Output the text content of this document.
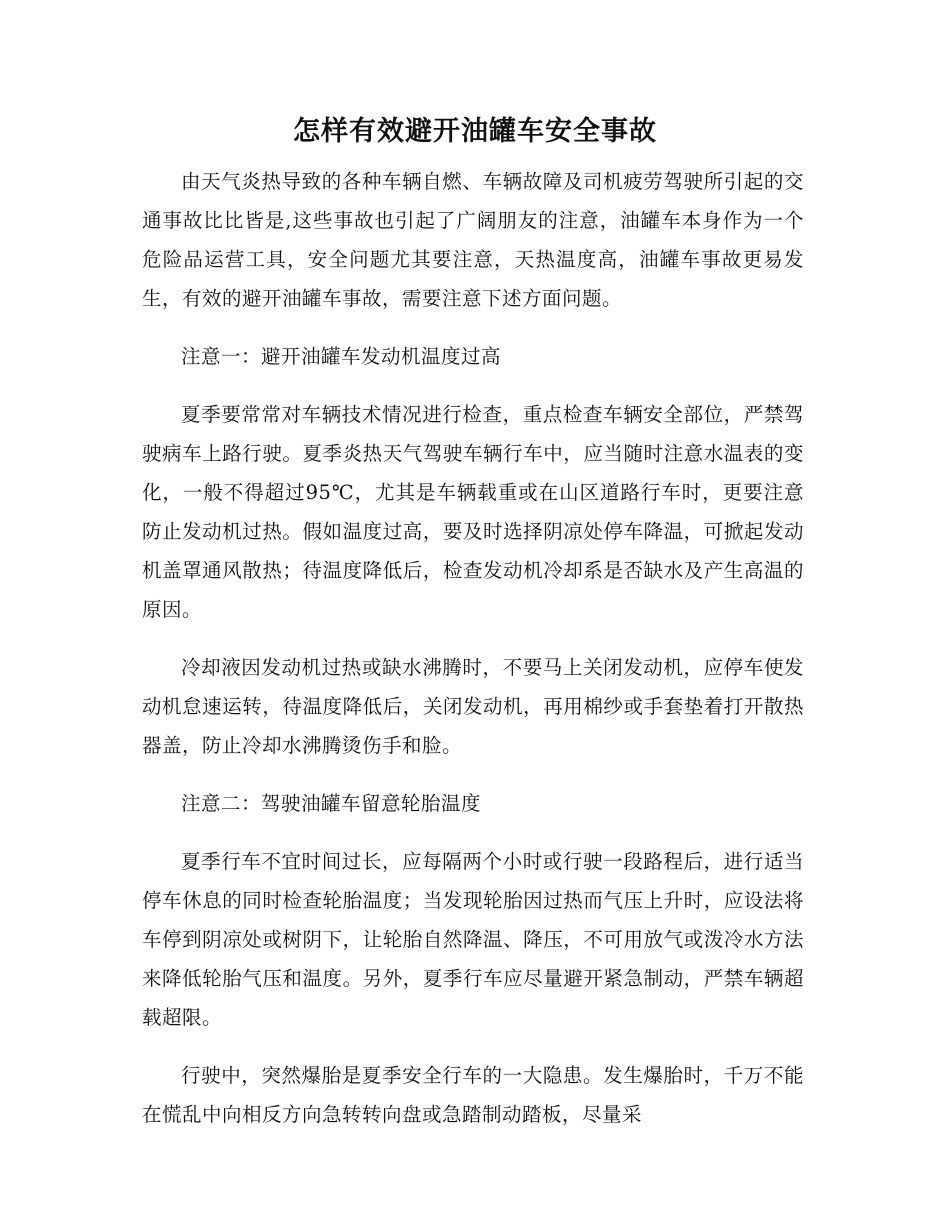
怎样有效避开油罐车安全事故

由天气炎热导致的各种车辆自燃、车辆故障及司机疲劳驾驶所引起的交通事故比比皆是,这些事故也引起了广阔朋友的注意，油罐车本身作为一个危险品运营工具，安全问题尤其要注意，天热温度高，油罐车事故更易发生，有效的避开油罐车事故，需要注意下述方面问题。

注意一：避开油罐车发动机温度过高

夏季要常常对车辆技术情况进行检查，重点检查车辆安全部位，严禁驾驶病车上路行驶。夏季炎热天气驾驶车辆行车中，应当随时注意水温表的变化，一般不得超过95℃，尤其是车辆载重或在山区道路行车时，更要注意防止发动机过热。假如温度过高，要及时选择阴凉处停车降温，可掀起发动机盖罩通风散热；待温度降低后，检查发动机冷却系是否缺水及产生高温的原因。

冷却液因发动机过热或缺水沸腾时，不要马上关闭发动机，应停车使发动机怠速运转，待温度降低后，关闭发动机，再用棉纱或手套垫着打开散热器盖，防止冷却水沸腾烫伤手和脸。

注意二：驾驶油罐车留意轮胎温度

夏季行车不宜时间过长，应每隔两个小时或行驶一段路程后，进行适当停车休息的同时检查轮胎温度；当发现轮胎因过热而气压上升时，应设法将车停到阴凉处或树阴下，让轮胎自然降温、降压，不可用放气或泼冷水方法来降低轮胎气压和温度。另外，夏季行车应尽量避开紧急制动，严禁车辆超载超限。

行驶中，突然爆胎是夏季安全行车的一大隐患。发生爆胎时，千万不能在慌乱中向相反方向急转转向盘或急踏制动踏板，尽量采
